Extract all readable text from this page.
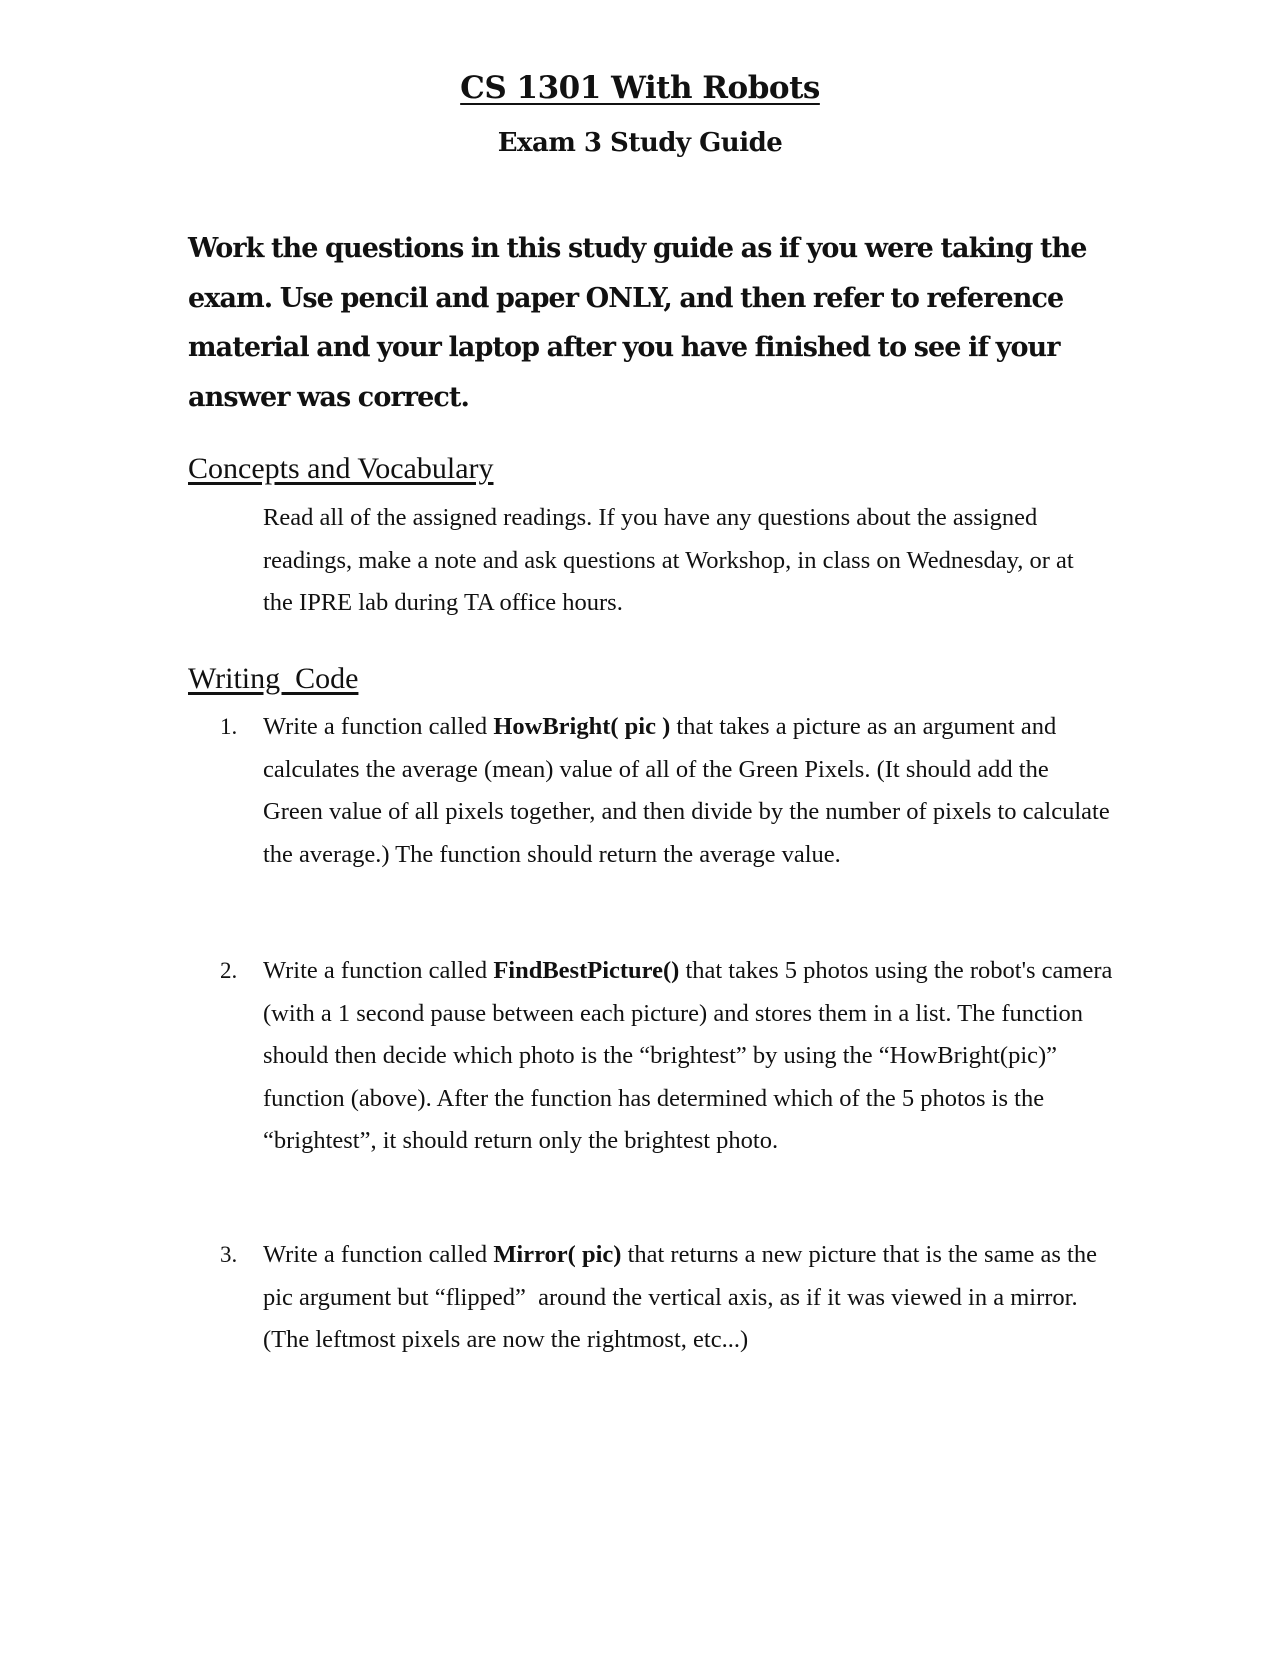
CS 1301 With Robots
Exam 3 Study Guide
Work the questions in this study guide as if you were taking the exam. Use pencil and paper ONLY, and then refer to reference material and your laptop after you have finished to see if your answer was correct.
Concepts and Vocabulary
Read all of the assigned readings. If you have any questions about the assigned readings, make a note and ask questions at Workshop, in class on Wednesday, or at the IPRE lab during TA office hours.
Writing  Code
1. Write a function called HowBright( pic ) that takes a picture as an argument and calculates the average (mean) value of all of the Green Pixels. (It should add the Green value of all pixels together, and then divide by the number of pixels to calculate the average.) The function should return the average value.
2. Write a function called FindBestPicture() that takes 5 photos using the robot's camera (with a 1 second pause between each picture) and stores them in a list. The function should then decide which photo is the “brightest” by using the “HowBright(pic)” function (above). After the function has determined which of the 5 photos is the “brightest”, it should return only the brightest photo.
3. Write a function called Mirror( pic) that returns a new picture that is the same as the pic argument but “flipped”  around the vertical axis, as if it was viewed in a mirror. (The leftmost pixels are now the rightmost, etc...)
